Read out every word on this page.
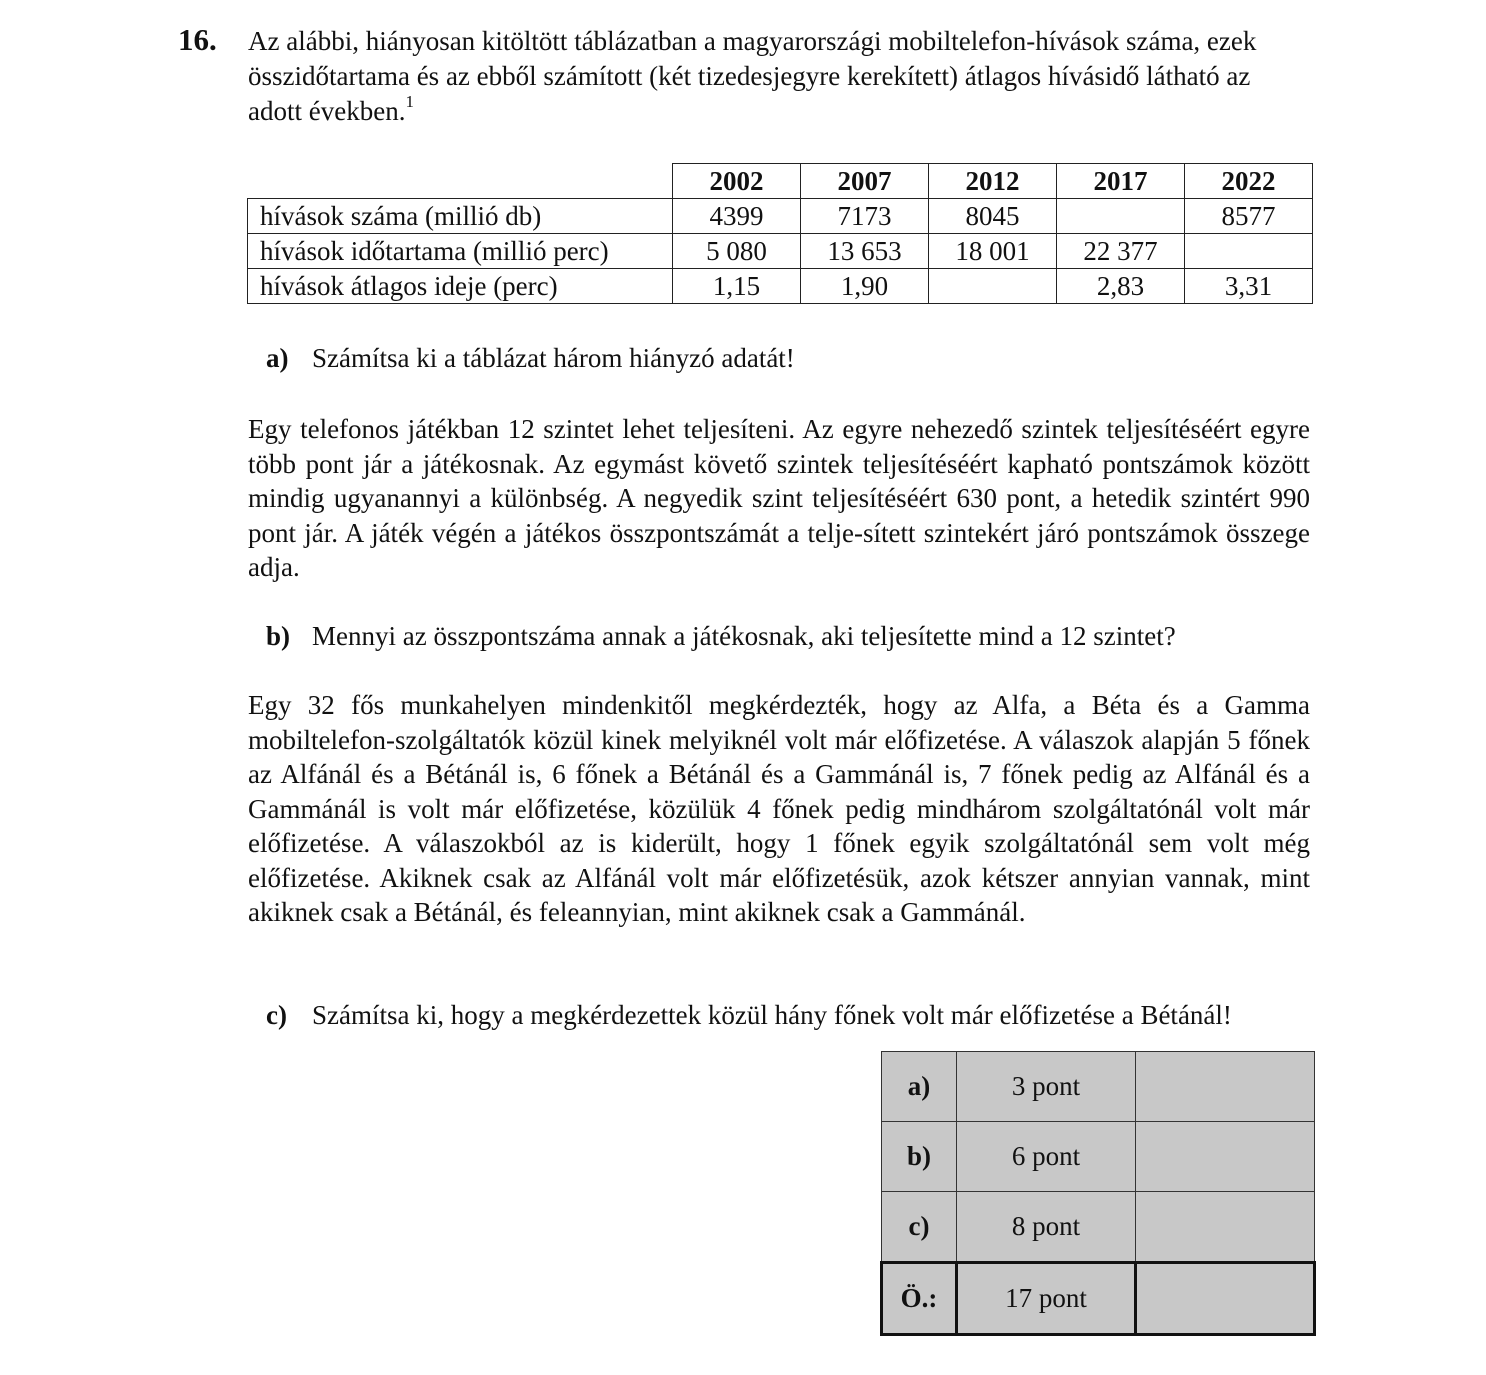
16. Az alábbi, hiányosan kitöltött táblázatban a magyarországi mobiltelefon-hívások száma, ezek összidőtartama és az ebből számított (két tizedesjegyre kerekített) átlagos hívásidő látható az adott években.$^1$

	2002	2007	2012	2017	2022
hívások száma (millió db)	4399	7173	8045		8577
hívások időtartama (millió perc)	5 080	13 653	18 001	22 377	
hívások átlagos ideje (perc)	1,15	1,90		2,83	3,31

a) Számítsa ki a táblázat három hiányzó adatát!

Egy telefonos játékban 12 szintet lehet teljesíteni. Az egyre nehezedő szintek teljesítéséért egyre több pont jár a játékosnak. Az egymást követő szintek teljesítéséért kapható pontszámok között mindig ugyanannyi a különbség. A negyedik szint teljesítéséért 630 pont, a hetedik szintért 990 pont jár. A játék végén a játékos összpontszámát a telje-sített szintekért járó pontszámok összege adja.

b) Mennyi az összpontszáma annak a játékosnak, aki teljesítette mind a 12 szintet?

Egy 32 fős munkahelyen mindenkitől megkérdezték, hogy az Alfa, a Béta és a Gamma mobiltelefon-szolgáltatók közül kinek melyiknél volt már előfizetése. A válaszok alapján 5 főnek az Alfánál és a Bétánál is, 6 főnek a Bétánál és a Gammánál is, 7 főnek pedig az Alfánál és a Gammánál is volt már előfizetése, közülük 4 főnek pedig mindhárom szolgáltatónál volt már előfizetése. A válaszokból az is kiderült, hogy 1 főnek egyik szolgáltatónál sem volt még előfizetése. Akiknek csak az Alfánál volt már előfizetésük, azok kétszer annyian vannak, mint akiknek csak a Bétánál, és feleannyian, mint akiknek csak a Gammánál.

c) Számítsa ki, hogy a megkérdezettek közül hány főnek volt már előfizetése a Bétánál!

a)	3 pont	
b)	6 pont	
c)	8 pont	
Ö.:	17 pont	
